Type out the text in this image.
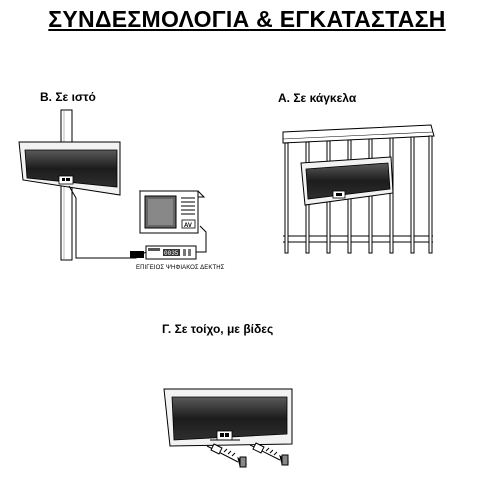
ΣΥΝΔΕΣΜΟΛΟΓΙΑ & ΕΓΚΑΤΑΣΤΑΣΗ
Β. Σε ιστό	Α. Σε κάγκελα
Γ. Σε τοίχο, με βίδες
ΕΠΙΓΕΙΟΣ ΨΗΦΙΑΚΟΣ ΔΕΚΤΗΣ
0035
AV
